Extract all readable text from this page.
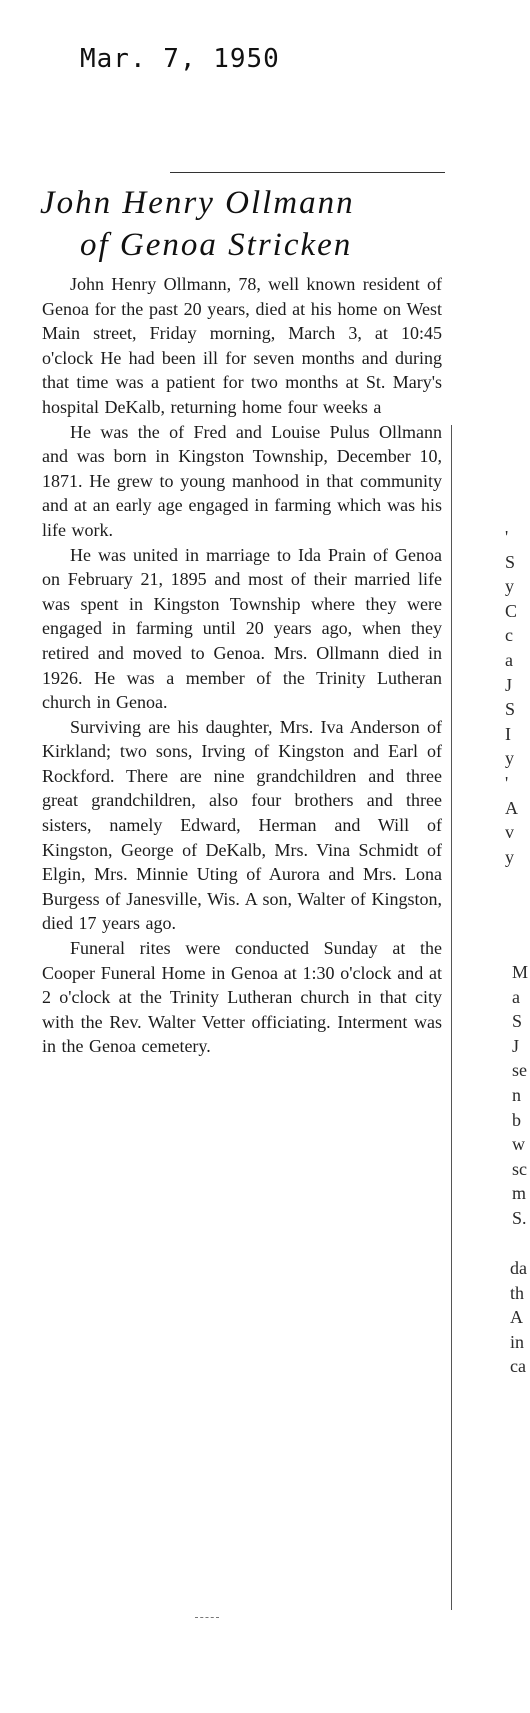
Mar. 7, 1950
John Henry Ollmann
of Genoa Stricken

John Henry Ollmann, 78, well known resident of Genoa for the past 20 years, died at his home on West Main street, Friday morning, March 3, at 10:45 o'clock He had been ill for seven months and during that time was a patient for two months at St. Mary's hospital DeKalb, returning home four weeks a

He was the of Fred and Louise Pulus Ollmann and was born in Kingston Township, December 10, 1871. He grew to young manhood in that community and at an early age engaged in farming which was his life work.

He was united in marriage to Ida Prain of Genoa on February 21, 1895 and most of their married life was spent in Kingston Township where they were engaged in farming until 20 years ago, when they retired and moved to Genoa. Mrs. Ollmann died in 1926. He was a member of the Trinity Lutheran church in Genoa.

Surviving are his daughter, Mrs. Iva Anderson of Kirkland; two sons, Irving of Kingston and Earl of Rockford. There are nine grandchildren and three great grandchildren, also four brothers and three sisters, namely Edward, Herman and Will of Kingston, George of DeKalb, Mrs. Vina Schmidt of Elgin, Mrs. Minnie Uting of Aurora and Mrs. Lona Burgess of Janesville, Wis. A son, Walter of Kingston, died 17 years ago.

Funeral rites were conducted Sunday at the Cooper Funeral Home in Genoa at 1:30 o'clock and at 2 o'clock at the Trinity Lutheran church in that city with the Rev. Walter Vetter officiating. Interment was in the Genoa cemetery.

'
S
y
C
c
a
J
S
I
y
'
A
v
y
M
a
S
J
se
n
b
w
sc
m
S.
da
th
A
in
ca
